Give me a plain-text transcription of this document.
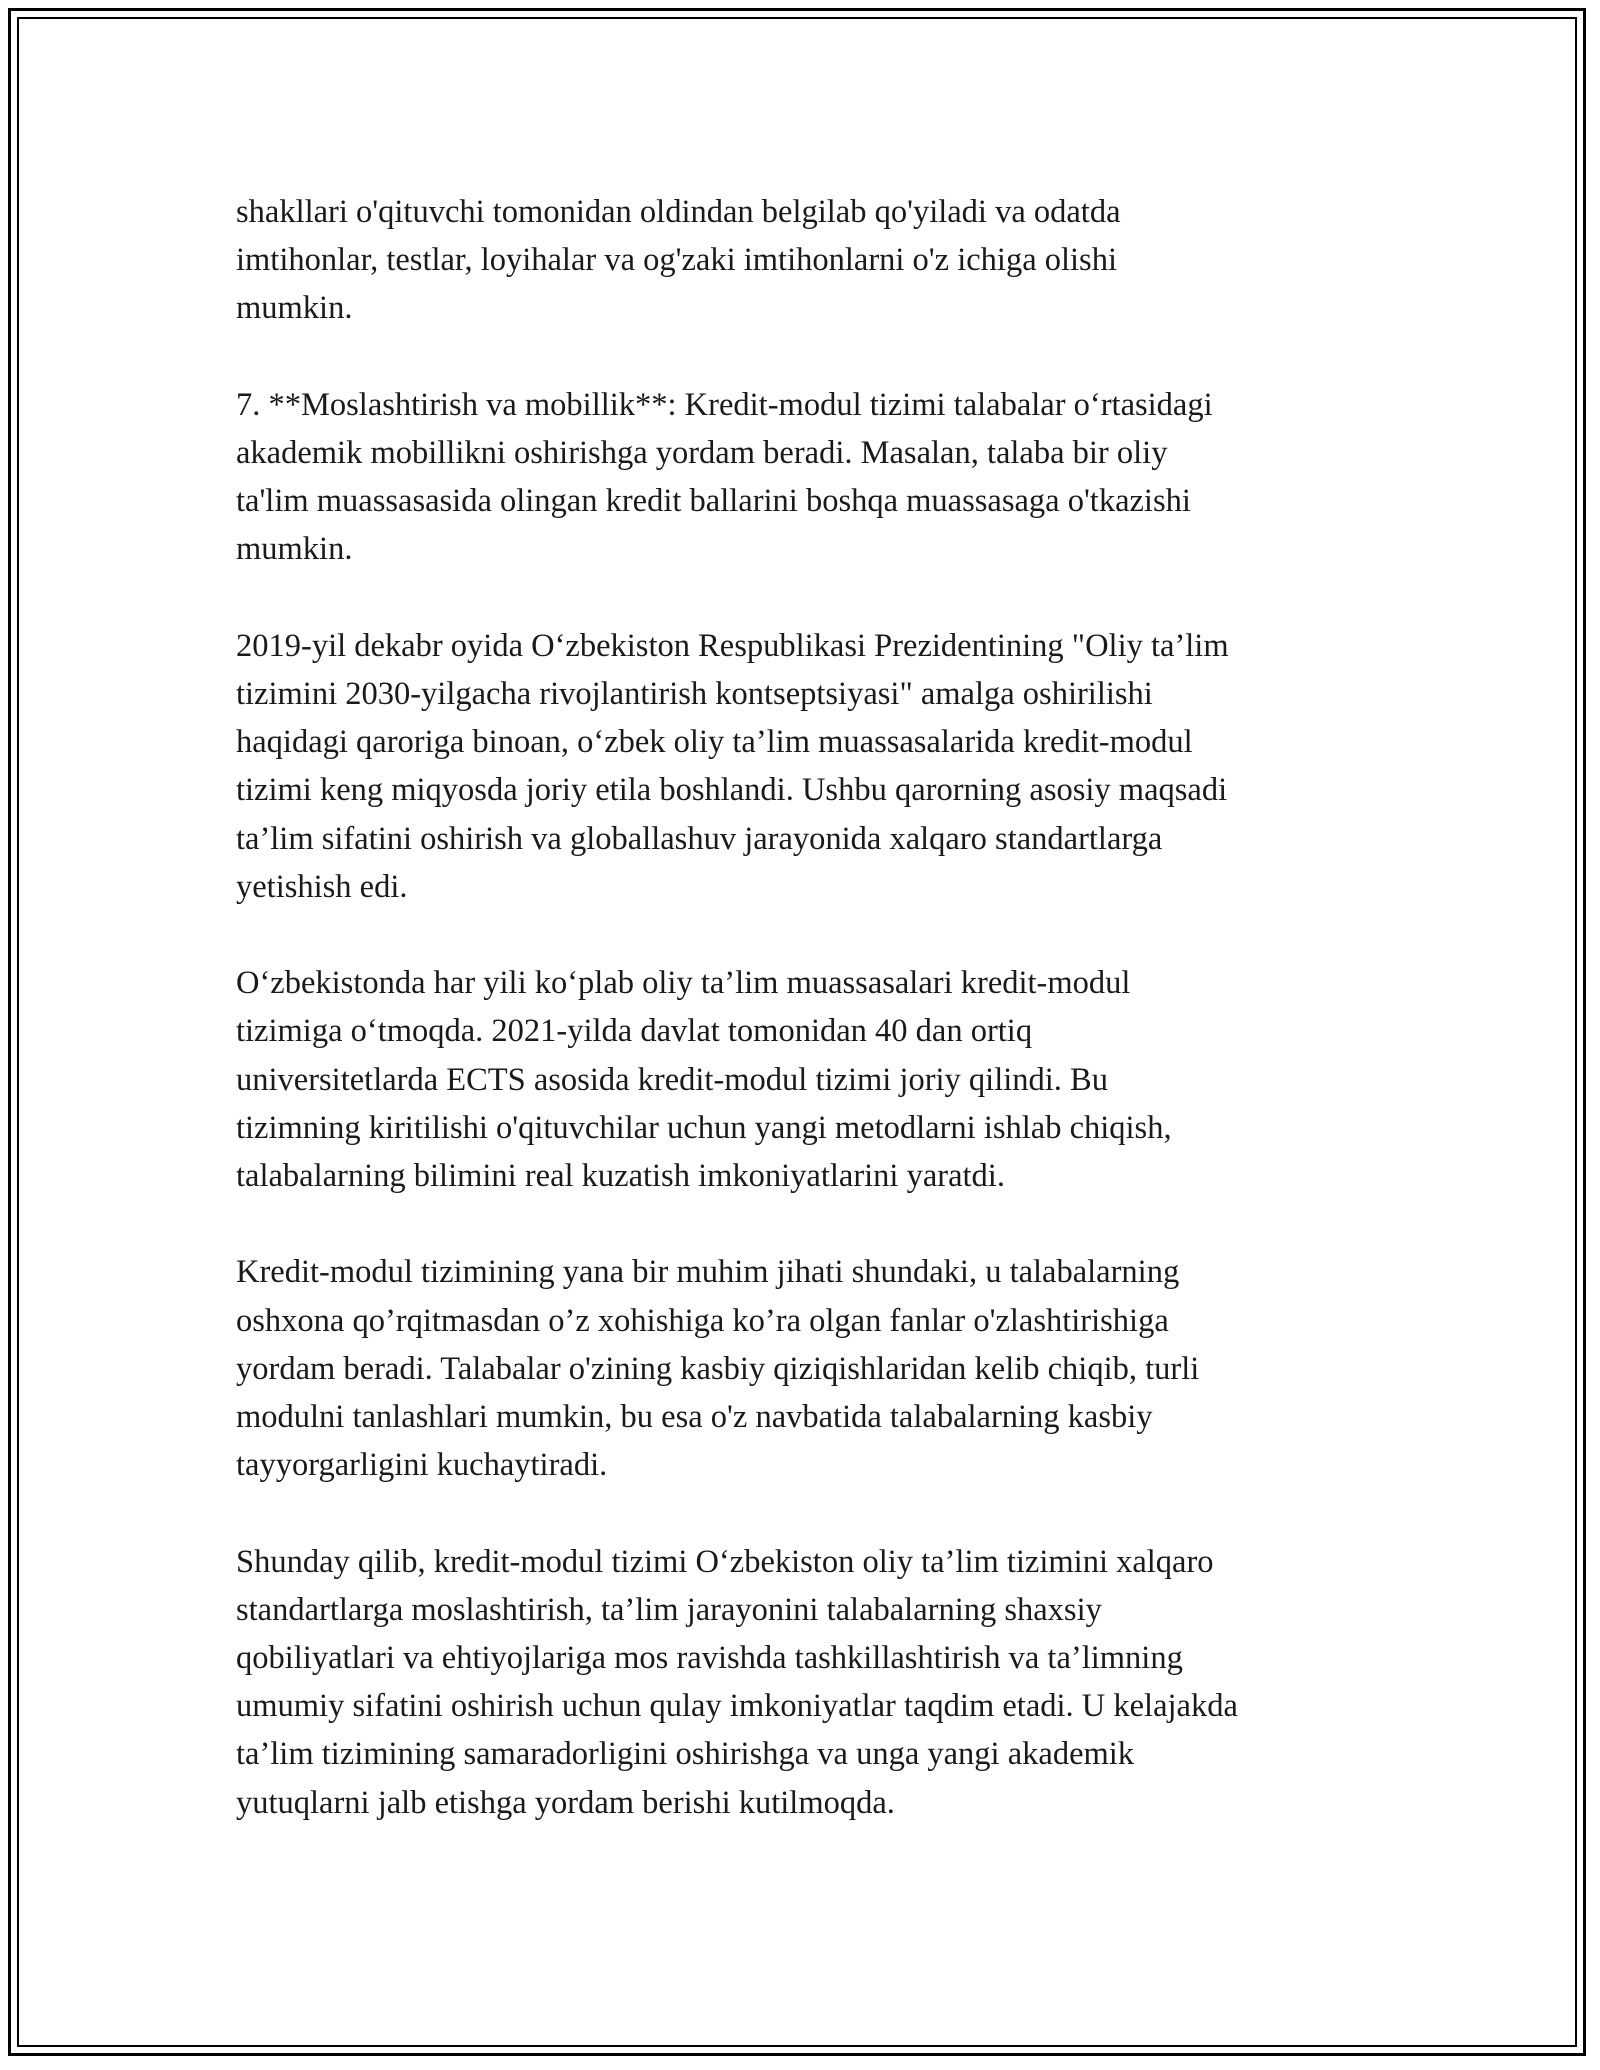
shakllari o'qituvchi tomonidan oldindan belgilab qo'yiladi va odatda
imtihonlar, testlar, loyihalar va og'zaki imtihonlarni o'z ichiga olishi
mumkin.

7. **Moslashtirish va mobillik**: Kredit-modul tizimi talabalar o‘rtasidagi
akademik mobillikni oshirishga yordam beradi. Masalan, talaba bir oliy
ta'lim muassasasida olingan kredit ballarini boshqa muassasaga o'tkazishi
mumkin.

2019-yil dekabr oyida O‘zbekiston Respublikasi Prezidentining "Oliy ta’lim
tizimini 2030-yilgacha rivojlantirish kontseptsiyasi" amalga oshirilishi
haqidagi qaroriga binoan, o‘zbek oliy ta’lim muassasalarida kredit-modul
tizimi keng miqyosda joriy etila boshlandi. Ushbu qarorning asosiy maqsadi
ta’lim sifatini oshirish va globallashuv jarayonida xalqaro standartlarga
yetishish edi.

O‘zbekistonda har yili ko‘plab oliy ta’lim muassasalari kredit-modul
tizimiga o‘tmoqda. 2021-yilda davlat tomonidan 40 dan ortiq
universitetlarda ECTS asosida kredit-modul tizimi joriy qilindi. Bu
tizimning kiritilishi o'qituvchilar uchun yangi metodlarni ishlab chiqish,
talabalarning bilimini real kuzatish imkoniyatlarini yaratdi.

Kredit-modul tizimining yana bir muhim jihati shundaki, u talabalarning
oshxona qo’rqitmasdan o’z xohishiga ko’ra olgan fanlar o'zlashtirishiga
yordam beradi. Talabalar o'zining kasbiy qiziqishlaridan kelib chiqib, turli
modulni tanlashlari mumkin, bu esa o'z navbatida talabalarning kasbiy
tayyorgarligini kuchaytiradi.

Shunday qilib, kredit-modul tizimi O‘zbekiston oliy ta’lim tizimini xalqaro
standartlarga moslashtirish, ta’lim jarayonini talabalarning shaxsiy
qobiliyatlari va ehtiyojlariga mos ravishda tashkillashtirish va ta’limning
umumiy sifatini oshirish uchun qulay imkoniyatlar taqdim etadi. U kelajakda
ta’lim tizimining samaradorligini oshirishga va unga yangi akademik
yutuqlarni jalb etishga yordam berishi kutilmoqda.
